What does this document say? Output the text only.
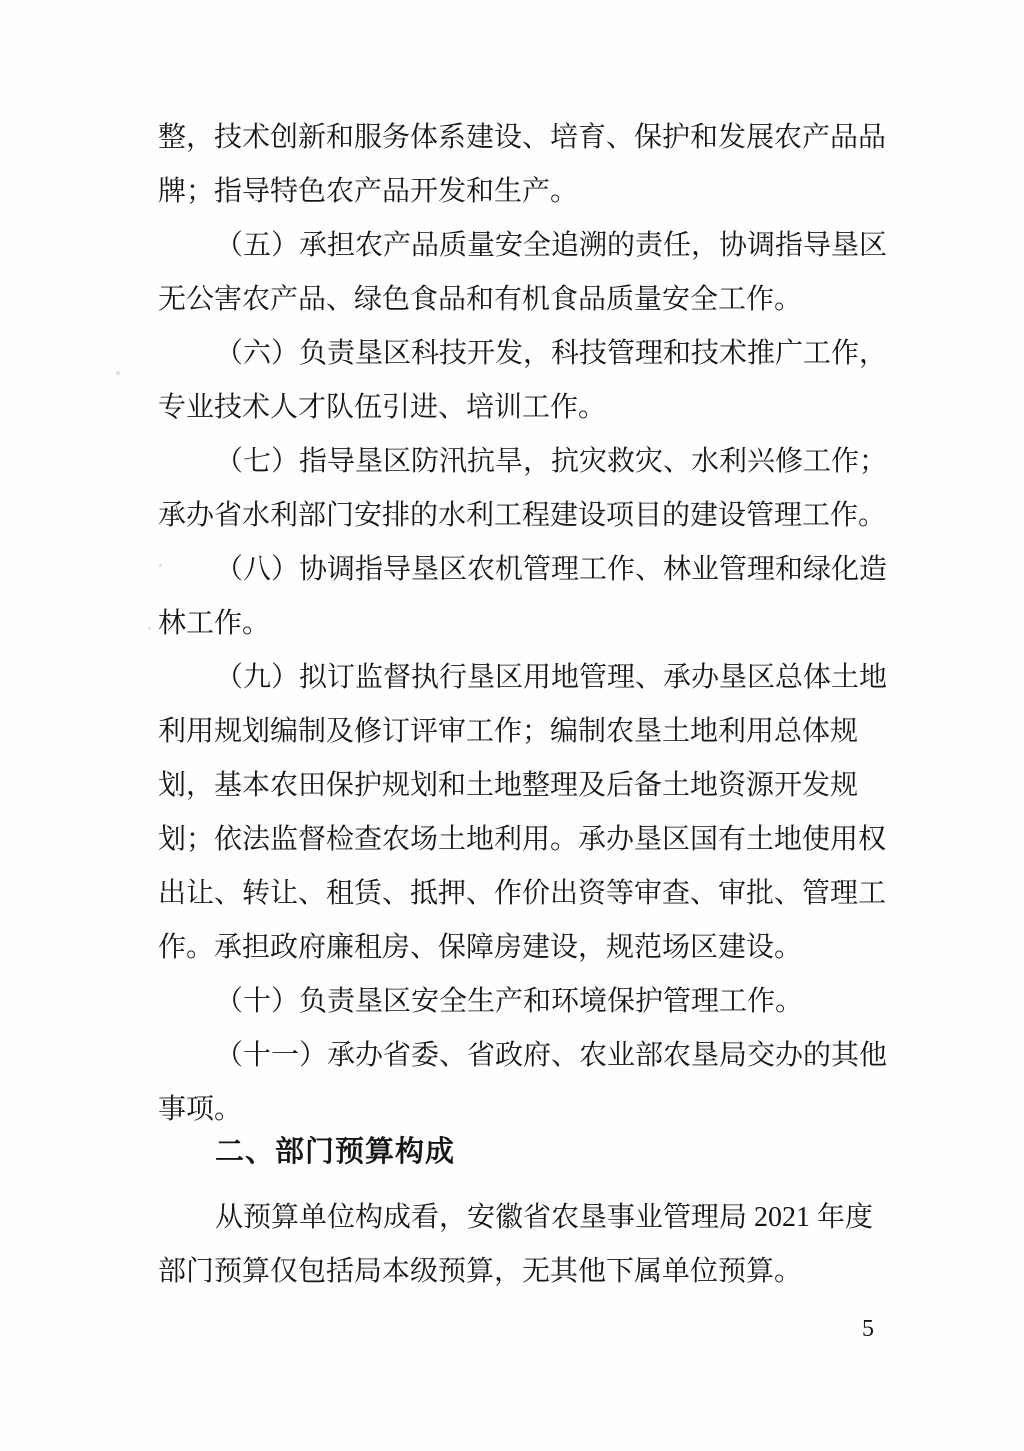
整，技术创新和服务体系建设、培育、保护和发展农产品品
牌；指导特色农产品开发和生产。
（五）承担农产品质量安全追溯的责任，协调指导垦区
无公害农产品、绿色食品和有机食品质量安全工作。
（六）负责垦区科技开发，科技管理和技术推广工作，
专业技术人才队伍引进、培训工作。
（七）指导垦区防汛抗旱，抗灾救灾、水利兴修工作；
承办省水利部门安排的水利工程建设项目的建设管理工作。
（八）协调指导垦区农机管理工作、林业管理和绿化造
林工作。
（九）拟订监督执行垦区用地管理、承办垦区总体土地
利用规划编制及修订评审工作；编制农垦土地利用总体规
划，基本农田保护规划和土地整理及后备土地资源开发规
划；依法监督检查农场土地利用。承办垦区国有土地使用权
出让、转让、租赁、抵押、作价出资等审查、审批、管理工
作。承担政府廉租房、保障房建设，规范场区建设。
（十）负责垦区安全生产和环境保护管理工作。
（十一）承办省委、省政府、农业部农垦局交办的其他
事项。
二、部门预算构成
从预算单位构成看，安徽省农垦事业管理局 2021 年度
部门预算仅包括局本级预算，无其他下属单位预算。
5
